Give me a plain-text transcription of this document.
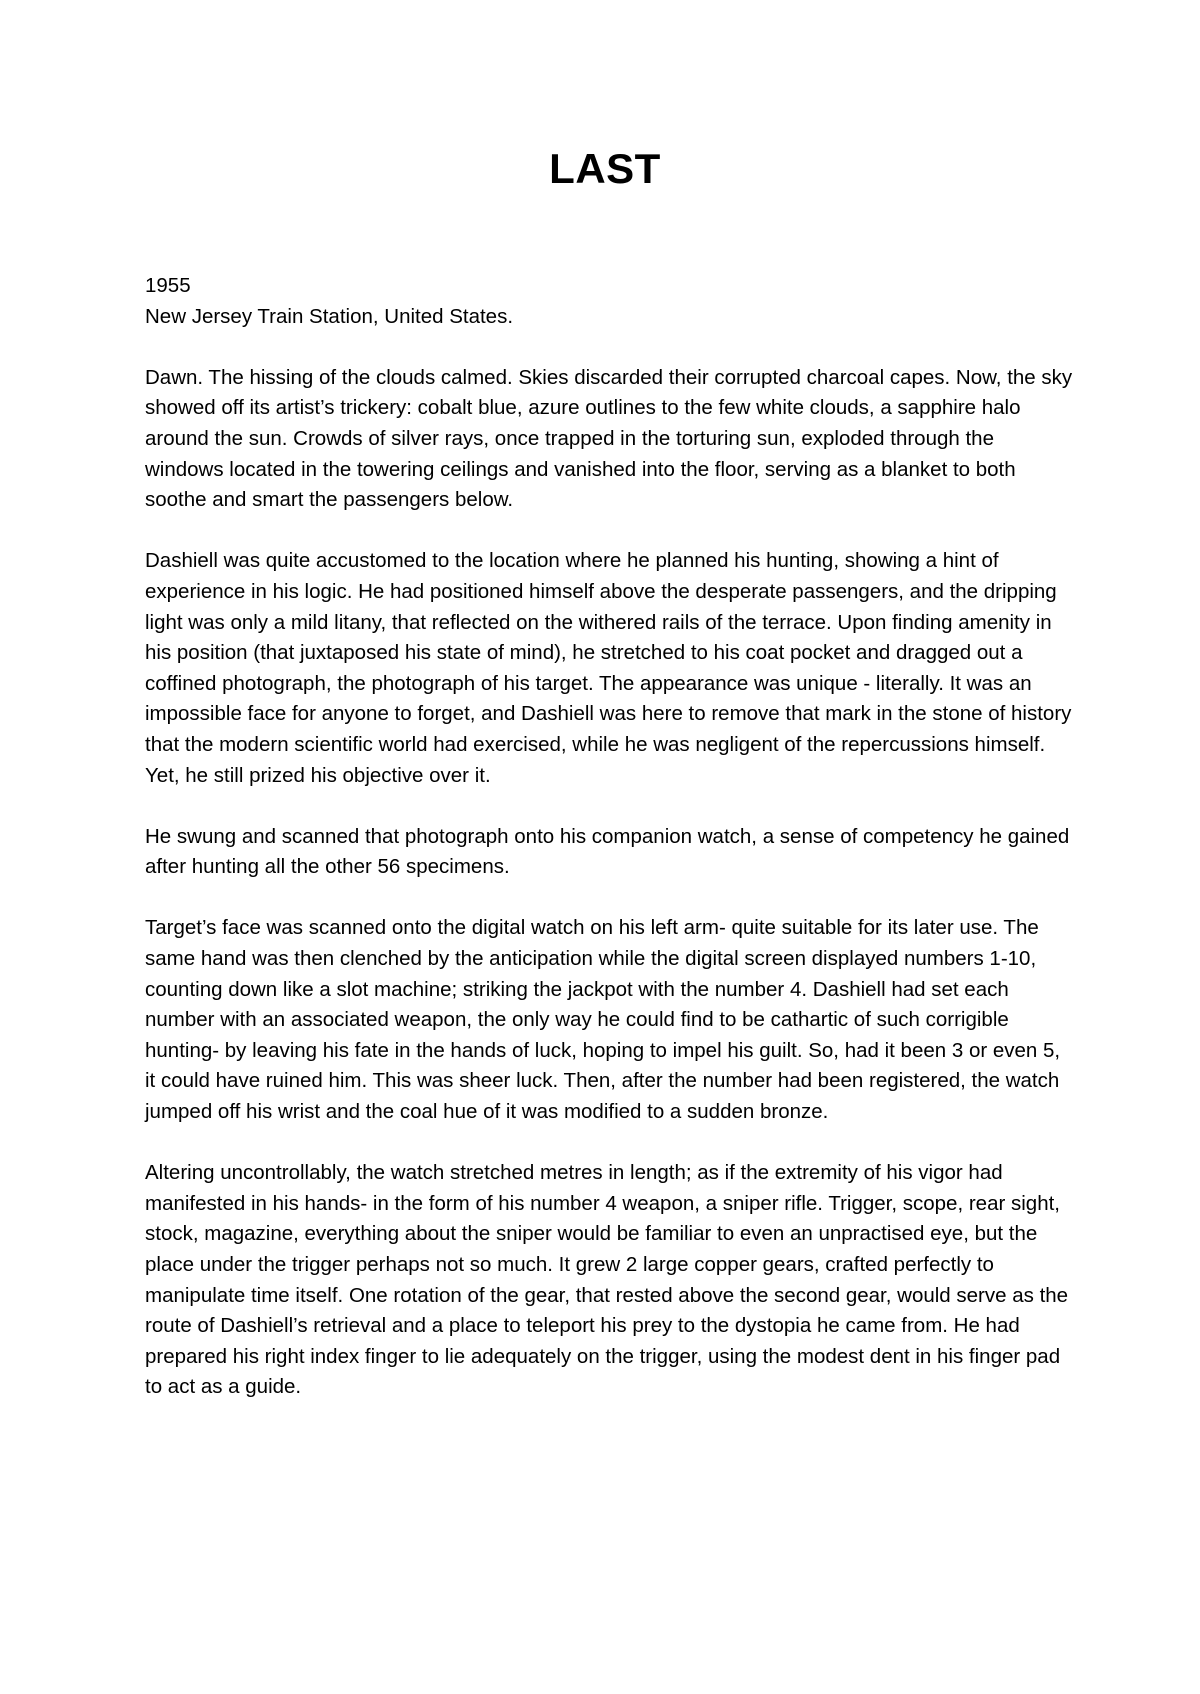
LAST

1955

New Jersey Train Station, United States.

Dawn. The hissing of the clouds calmed. Skies discarded their corrupted charcoal capes. Now, the sky showed off its artist’s trickery: cobalt blue, azure outlines to the few white clouds, a sapphire halo around the sun. Crowds of silver rays, once trapped in the torturing sun, exploded through the windows located in the towering ceilings and vanished into the floor, serving as a blanket to both soothe and smart the passengers below.

Dashiell was quite accustomed to the location where he planned his hunting, showing a hint of experience in his logic. He had positioned himself above the desperate passengers, and the dripping light was only a mild litany, that reflected on the withered rails of the terrace. Upon finding amenity in his position (that juxtaposed his state of mind), he stretched to his coat pocket and dragged out a coffined photograph, the photograph of his target. The appearance was unique - literally. It was an impossible face for anyone to forget, and Dashiell was here to remove that mark in the stone of history that the modern scientific world had exercised, while he was negligent of the repercussions himself. Yet, he still prized his objective over it.

He swung and scanned that photograph onto his companion watch, a sense of competency he gained after hunting all the other 56 specimens.

Target’s face was scanned onto the digital watch on his left arm- quite suitable for its later use. The same hand was then clenched by the anticipation while the digital screen displayed numbers 1-10, counting down like a slot machine; striking the jackpot with the number 4. Dashiell had set each number with an associated weapon, the only way he could find to be cathartic of such corrigible hunting- by leaving his fate in the hands of luck, hoping to impel his guilt. So, had it been 3 or even 5, it could have ruined him. This was sheer luck. Then, after the number had been registered, the watch jumped off his wrist and the coal hue of it was modified to a sudden bronze.

Altering uncontrollably, the watch stretched metres in length; as if the extremity of his vigor had manifested in his hands- in the form of his number 4 weapon, a sniper rifle. Trigger, scope, rear sight, stock, magazine, everything about the sniper would be familiar to even an unpractised eye, but the place under the trigger perhaps not so much. It grew 2 large copper gears, crafted perfectly to manipulate time itself. One rotation of the gear, that rested above the second gear, would serve as the route of Dashiell’s retrieval and a place to teleport his prey to the dystopia he came from. He had prepared his right index finger to lie adequately on the trigger, using the modest dent in his finger pad to act as a guide.
